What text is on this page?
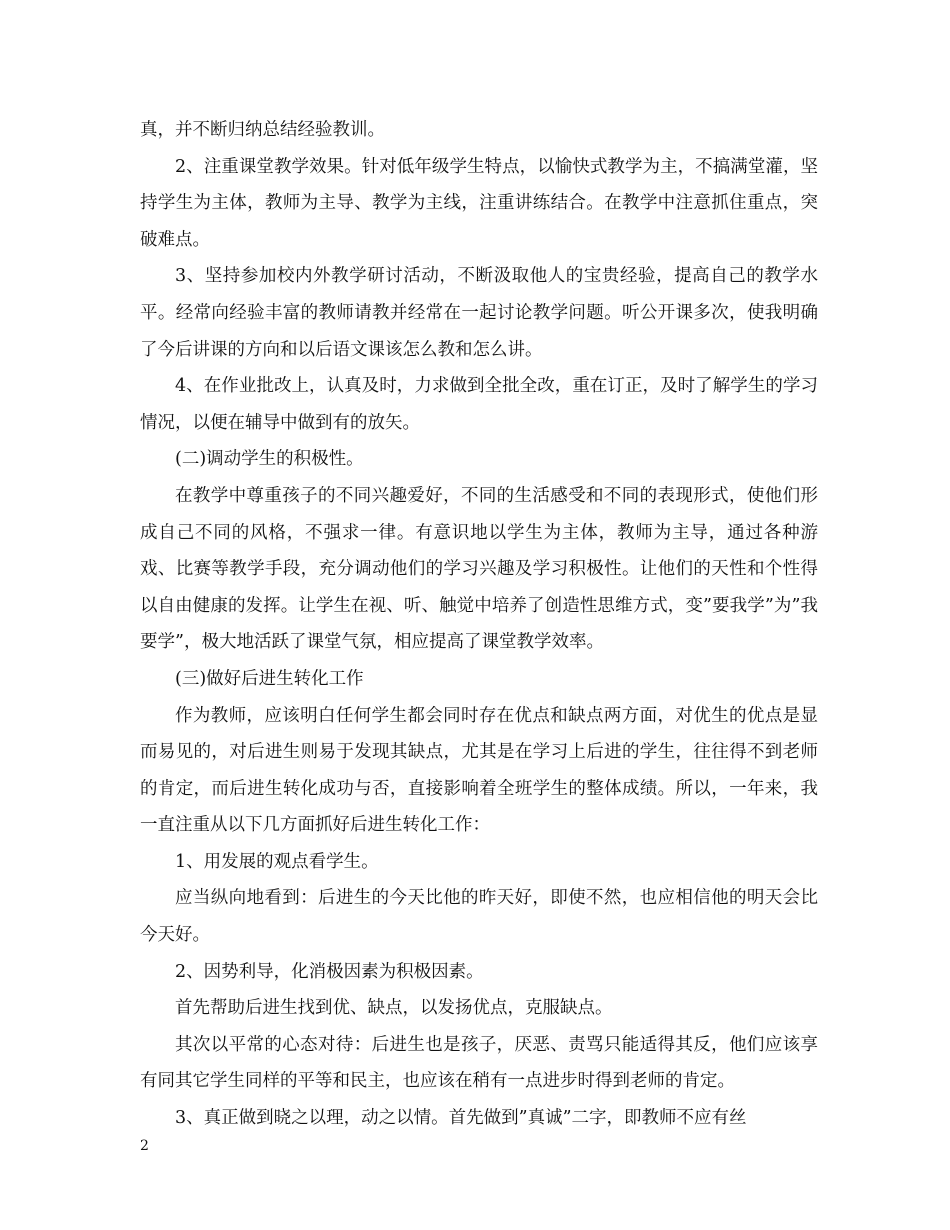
真，并不断归纳总结经验教训。

2、注重课堂教学效果。针对低年级学生特点，以愉快式教学为主，不搞满堂灌，坚持学生为主体，教师为主导、教学为主线，注重讲练结合。在教学中注意抓住重点，突破难点。

3、坚持参加校内外教学研讨活动，不断汲取他人的宝贵经验，提高自己的教学水平。经常向经验丰富的教师请教并经常在一起讨论教学问题。听公开课多次，使我明确了今后讲课的方向和以后语文课该怎么教和怎么讲。

4、在作业批改上，认真及时，力求做到全批全改，重在订正，及时了解学生的学习情况，以便在辅导中做到有的放矢。

(二)调动学生的积极性。

在教学中尊重孩子的不同兴趣爱好，不同的生活感受和不同的表现形式，使他们形成自己不同的风格，不强求一律。有意识地以学生为主体，教师为主导，通过各种游戏、比赛等教学手段，充分调动他们的学习兴趣及学习积极性。让他们的天性和个性得以自由健康的发挥。让学生在视、听、触觉中培养了创造性思维方式，变”要我学”为”我要学”，极大地活跃了课堂气氛，相应提高了课堂教学效率。

(三)做好后进生转化工作

作为教师，应该明白任何学生都会同时存在优点和缺点两方面，对优生的优点是显而易见的，对后进生则易于发现其缺点，尤其是在学习上后进的学生，往往得不到老师的肯定，而后进生转化成功与否，直接影响着全班学生的整体成绩。所以，一年来，我一直注重从以下几方面抓好后进生转化工作：

1、用发展的观点看学生。

应当纵向地看到：后进生的今天比他的昨天好，即使不然，也应相信他的明天会比今天好。

2、因势利导，化消极因素为积极因素。

首先帮助后进生找到优、缺点，以发扬优点，克服缺点。

其次以平常的心态对待：后进生也是孩子，厌恶、责骂只能适得其反，他们应该享有同其它学生同样的平等和民主，也应该在稍有一点进步时得到老师的肯定。

3、真正做到晓之以理，动之以情。首先做到”真诚”二字，即教师不应有丝

2
